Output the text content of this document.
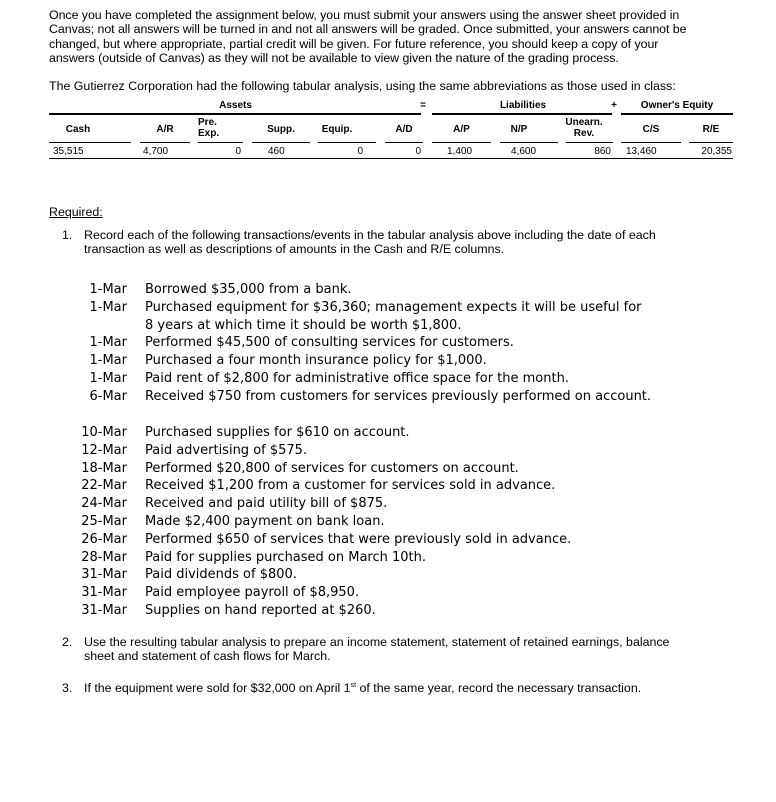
Once you have completed the assignment below, you must submit your answers using the answer sheet provided in

Canvas; not all answers will be turned in and not all answers will be graded. Once submitted, your answers cannot be

changed, but where appropriate, partial credit will be given. For future reference, you should keep a copy of your

answers (outside of Canvas) as they will not be available to view given the nature of the grading process.

The Gutierrez Corporation had the following tabular analysis, using the same abbreviations as those used in class:
Assets	=	Liabilities	+	Owner's Equity
Cash	A/R
Pre.
Exp.	Supp.	Equip.	A/D	A/P	N/P
Unearn.
Rev.	C/S	R/E
35,515	4,700	0	460	0	0	1,400	4,600	860 13,460	20,355
Required:
1. Record each of the following transactions/events in the tabular analysis above including the date of each
transaction as well as descriptions of amounts in the Cash and R/E columns.
1-Mar Borrowed $35,000 from a bank.
1-Mar Purchased equipment for $36,360; management expects it will be useful for
8 years at which time it should be worth $1,800.
1-Mar Performed $45,500 of consulting services for customers.
1-Mar Purchased a four month insurance policy for $1,000.
1-Mar Paid rent of $2,800 for administrative office space for the month.
6-Mar Received $750 from customers for services previously performed on account.
10-Mar Purchased supplies for $610 on account.
12-Mar Paid advertising of $575.
18-Mar Performed $20,800 of services for customers on account.
22-Mar Received $1,200 from a customer for services sold in advance.
24-Mar Received and paid utility bill of $875.
25-Mar Made $2,400 payment on bank loan.
26-Mar Performed $650 of services that were previously sold in advance.
28-Mar Paid for supplies purchased on March 10th.
31-Mar Paid dividends of $800.
31-Mar Paid employee payroll of $8,950.
31-Mar Supplies on hand reported at $260.
2. Use the resulting tabular analysis to prepare an income statement, statement of retained earnings, balance
sheet and statement of cash flows for March.
3. If the equipment were sold for $32,000 on April 1st of the same year, record the necessary transaction.
